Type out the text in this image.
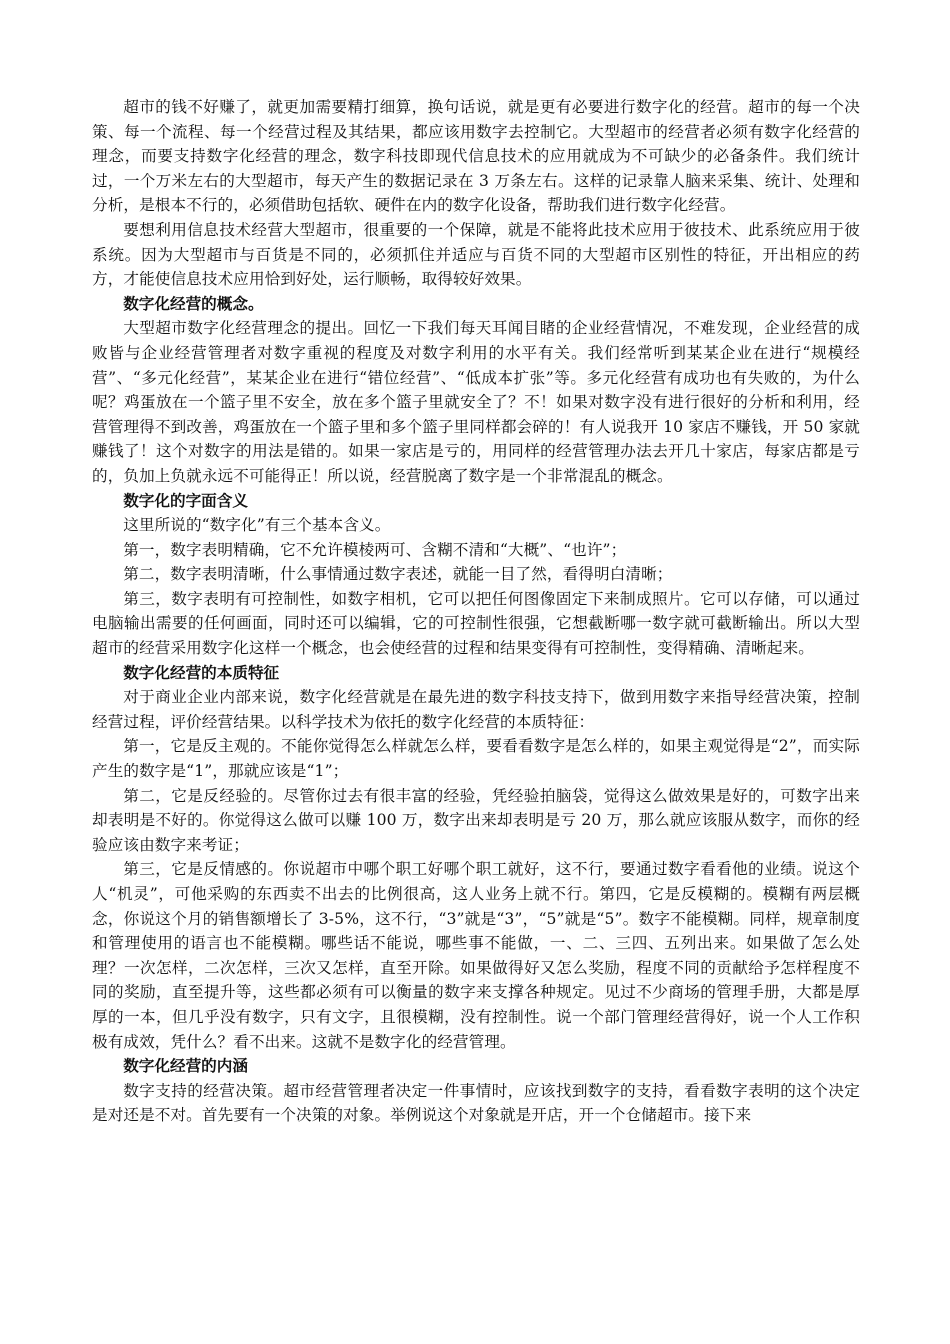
超市的钱不好赚了，就更加需要精打细算，换句话说，就是更有必要进行数字化的经营。超市的每一个决策、每一个流程、每一个经营过程及其结果，都应该用数字去控制它。大型超市的经营者必须有数字化经营的理念，而要支持数字化经营的理念，数字科技即现代信息技术的应用就成为不可缺少的必备条件。我们统计过，一个万米左右的大型超市，每天产生的数据记录在 3 万条左右。这样的记录靠人脑来采集、统计、处理和分析，是根本不行的，必须借助包括软、硬件在内的数字化设备，帮助我们进行数字化经营。

要想利用信息技术经营大型超市，很重要的一个保障，就是不能将此技术应用于彼技术、此系统应用于彼系统。因为大型超市与百货是不同的，必须抓住并适应与百货不同的大型超市区别性的特征，开出相应的药方，才能使信息技术应用恰到好处，运行顺畅，取得较好效果。

数字化经营的概念。

大型超市数字化经营理念的提出。回忆一下我们每天耳闻目睹的企业经营情况，不难发现，企业经营的成败皆与企业经营管理者对数字重视的程度及对数字利用的水平有关。我们经常听到某某企业在进行“规模经营”、“多元化经营”，某某企业在进行“错位经营”、“低成本扩张”等。多元化经营有成功也有失败的，为什么呢？鸡蛋放在一个篮子里不安全，放在多个篮子里就安全了？不！如果对数字没有进行很好的分析和利用，经营管理得不到改善，鸡蛋放在一个篮子里和多个篮子里同样都会碎的！有人说我开 10 家店不赚钱，开 50 家就赚钱了！这个对数字的用法是错的。如果一家店是亏的，用同样的经营管理办法去开几十家店，每家店都是亏的，负加上负就永远不可能得正！所以说，经营脱离了数字是一个非常混乱的概念。

数字化的字面含义

这里所说的“数字化”有三个基本含义。

第一，数字表明精确，它不允许模棱两可、含糊不清和“大概”、“也许”；

第二，数字表明清晰，什么事情通过数字表述，就能一目了然，看得明白清晰；

第三，数字表明有可控制性，如数字相机，它可以把任何图像固定下来制成照片。它可以存储，可以通过电脑输出需要的任何画面，同时还可以编辑，它的可控制性很强，它想截断哪一数字就可截断输出。所以大型超市的经营采用数字化这样一个概念，也会使经营的过程和结果变得有可控制性，变得精确、清晰起来。

数字化经营的本质特征

对于商业企业内部来说，数字化经营就是在最先进的数字科技支持下，做到用数字来指导经营决策，控制经营过程，评价经营结果。以科学技术为依托的数字化经营的本质特征：

第一，它是反主观的。不能你觉得怎么样就怎么样，要看看数字是怎么样的，如果主观觉得是“2”，而实际产生的数字是“1”，那就应该是“1”；

第二，它是反经验的。尽管你过去有很丰富的经验，凭经验拍脑袋，觉得这么做效果是好的，可数字出来却表明是不好的。你觉得这么做可以赚 100 万，数字出来却表明是亏 20 万，那么就应该服从数字，而你的经验应该由数字来考证；

第三，它是反情感的。你说超市中哪个职工好哪个职工就好，这不行，要通过数字看看他的业绩。说这个人“机灵”，可他采购的东西卖不出去的比例很高，这人业务上就不行。第四，它是反模糊的。模糊有两层概念，你说这个月的销售额增长了 3-5%，这不行，“3”就是“3”，“5”就是“5”。数字不能模糊。同样，规章制度和管理使用的语言也不能模糊。哪些话不能说，哪些事不能做，一、二、三四、五列出来。如果做了怎么处理？一次怎样，二次怎样，三次又怎样，直至开除。如果做得好又怎么奖励，程度不同的贡献给予怎样程度不同的奖励，直至提升等，这些都必须有可以衡量的数字来支撑各种规定。见过不少商场的管理手册，大都是厚厚的一本，但几乎没有数字，只有文字，且很模糊，没有控制性。说一个部门管理经营得好，说一个人工作积极有成效，凭什么？看不出来。这就不是数字化的经营管理。

数字化经营的内涵

数字支持的经营决策。超市经营管理者决定一件事情时，应该找到数字的支持，看看数字表明的这个决定是对还是不对。首先要有一个决策的对象。举例说这个对象就是开店，开一个仓储超市。接下来
